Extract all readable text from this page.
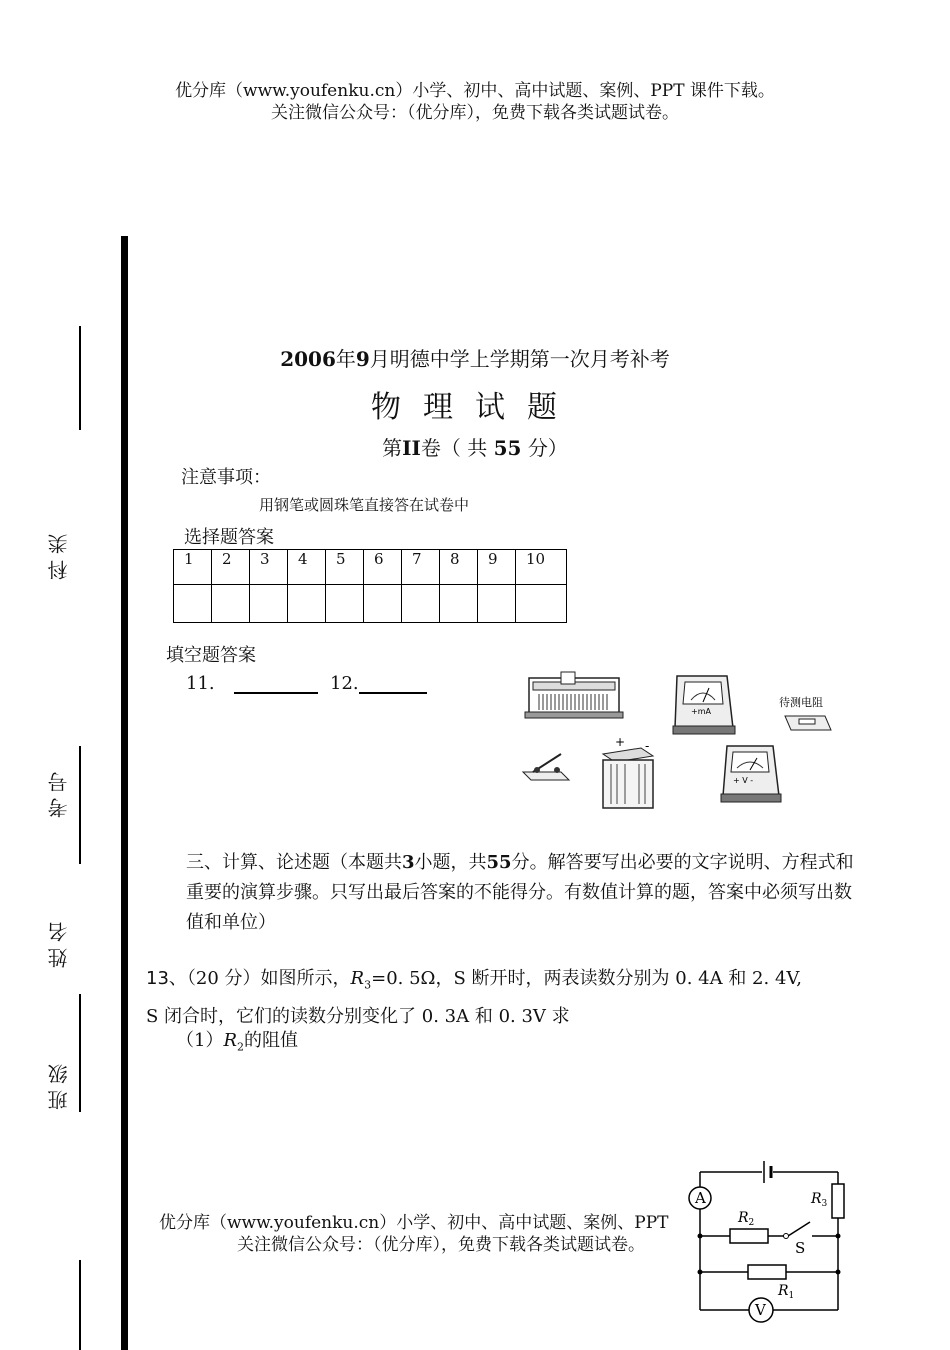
优分库（www.youfenku.cn）小学、初中、高中试题、案例、PPT 课件下载。
关注微信公众号：（优分库），免费下载各类试题试卷。
科类
考号
姓名
班级
2006年9月明德中学上学期第一次月考补考
物理试题
第II卷（ 共 55 分）
注意事项：
用钢笔或圆珠笔直接答在试卷中
选择题答案
1	2	3	4	5	6	7	8	9	10

填空题答案
11.	12.
+mA
待测电阻
+ -
+ V -
三、计算、论述题（本题共3小题，共55分。解答要写出必要的文字说明、方程式和重要的演算步骤。只写出最后答案的不能得分。有数值计算的题，答案中必须写出数值和单位）
13、（20 分）如图所示，$R_3=0$. 5Ω，S 断开时，两表读数分别为 0. 4A 和 2. 4V,
S 闭合时，它们的读数分别变化了 0. 3A 和 0. 3V 求
$(1)R_2$的阻值
优分库（www.youfenku.cn）小学、初中、高中试题、案例、PPT
关注微信公众号：（优分库），免费下载各类试题试卷。
A
V
S
$R_2$
$R_1$
$R_3$
